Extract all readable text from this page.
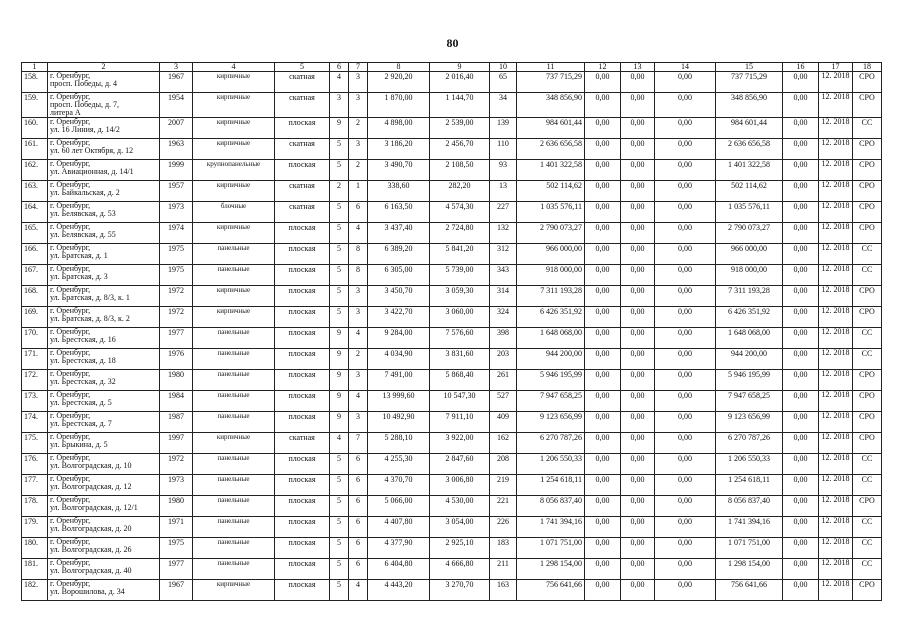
80
1	2	3	4	5	6	7	8	9	10	11	12	13	14	15	16	17	18
158.	г. Оренбург,
просп. Победы, д. 4	1967	кирпичные	скатная	4	3	2 920,20	2 016,40	65	737 715,29	0,00	0,00	0,00	737 715,29	0,00	12. 2018	СРО
159.	г. Оренбург,
просп. Победы, д. 7,
литера А	1954	кирпичные	скатная	3	3	1 870,00	1 144,70	34	348 856,90	0,00	0,00	0,00	348 856,90	0,00	12. 2018	СРО
160.	г. Оренбург,
ул. 16 Линия, д. 14/2	2007	кирпичные	плоская	9	2	4 898,00	2 539,00	139	984 601,44	0,00	0,00	0,00	984 601,44	0,00	12. 2018	СС
161.	г. Оренбург,
ул. 60 лет Октября, д. 12	1963	кирпичные	скатная	5	3	3 186,20	2 456,70	110	2 636 656,58	0,00	0,00	0,00	2 636 656,58	0,00	12. 2018	СРО
162.	г. Оренбург,
ул. Авиационная, д. 14/1	1999	крупнопанельные	плоская	5	2	3 490,70	2 108,50	93	1 401 322,58	0,00	0,00	0,00	1 401 322,58	0,00	12. 2018	СРО
163.	г. Оренбург,
ул. Байкальская, д. 2	1957	кирпичные	скатная	2	1	338,60	282,20	13	502 114,62	0,00	0,00	0,00	502 114,62	0,00	12. 2018	СРО
164.	г. Оренбург,
ул. Белявская, д. 53	1973	блочные	скатная	5	6	6 163,50	4 574,30	227	1 035 576,11	0,00	0,00	0,00	1 035 576,11	0,00	12. 2018	СРО
165.	г. Оренбург,
ул. Белявская, д. 55	1974	кирпичные	плоская	5	4	3 437,40	2 724,80	132	2 790 073,27	0,00	0,00	0,00	2 790 073,27	0,00	12. 2018	СРО
166.	г. Оренбург,
ул. Братская, д. 1	1975	панельные	плоская	5	8	6 389,20	5 841,20	312	966 000,00	0,00	0,00	0,00	966 000,00	0,00	12. 2018	СС
167.	г. Оренбург,
ул. Братская, д. 3	1975	панельные	плоская	5	8	6 305,00	5 739,00	343	918 000,00	0,00	0,00	0,00	918 000,00	0,00	12. 2018	СС
168.	г. Оренбург,
ул. Братская, д. 8/3, к. 1	1972	кирпичные	плоская	5	3	3 450,70	3 059,30	314	7 311 193,28	0,00	0,00	0,00	7 311 193,28	0,00	12. 2018	СРО
169.	г. Оренбург,
ул. Братская, д. 8/3, к. 2	1972	кирпичные	плоская	5	3	3 422,70	3 060,00	324	6 426 351,92	0,00	0,00	0,00	6 426 351,92	0,00	12. 2018	СРО
170.	г. Оренбург,
ул. Брестская, д. 16	1977	панельные	плоская	9	4	9 284,00	7 576,60	398	1 648 068,00	0,00	0,00	0,00	1 648 068,00	0,00	12. 2018	СС
171.	г. Оренбург,
ул. Брестская, д. 18	1976	панельные	плоская	9	2	4 034,90	3 831,60	203	944 200,00	0,00	0,00	0,00	944 200,00	0,00	12. 2018	СС
172.	г. Оренбург,
ул. Брестская, д. 32	1980	панельные	плоская	9	3	7 491,00	5 868,40	261	5 946 195,99	0,00	0,00	0,00	5 946 195,99	0,00	12. 2018	СРО
173.	г. Оренбург,
ул. Брестская, д. 5	1984	панельные	плоская	9	4	13 999,60	10 547,30	527	7 947 658,25	0,00	0,00	0,00	7 947 658,25	0,00	12. 2018	СРО
174.	г. Оренбург,
ул. Брестская, д. 7	1987	панельные	плоская	9	3	10 492,90	7 911,10	409	9 123 656,99	0,00	0,00	0,00	9 123 656,99	0,00	12. 2018	СРО
175.	г. Оренбург,
ул. Брыкина, д. 5	1997	кирпичные	скатная	4	7	5 288,10	3 922,00	162	6 270 787,26	0,00	0,00	0,00	6 270 787,26	0,00	12. 2018	СРО
176.	г. Оренбург,
ул. Волгоградская, д. 10	1972	панельные	плоская	5	6	4 255,30	2 847,60	208	1 206 550,33	0,00	0,00	0,00	1 206 550,33	0,00	12. 2018	СС
177.	г. Оренбург,
ул. Волгоградская, д. 12	1973	панельные	плоская	5	6	4 370,70	3 006,80	219	1 254 618,11	0,00	0,00	0,00	1 254 618,11	0,00	12. 2018	СС
178.	г. Оренбург,
ул. Волгоградская, д. 12/1	1980	панельные	плоская	5	6	5 066,00	4 530,00	221	8 056 837,40	0,00	0,00	0,00	8 056 837,40	0,00	12. 2018	СРО
179.	г. Оренбург,
ул. Волгоградская, д. 20	1971	панельные	плоская	5	6	4 407,80	3 054,00	226	1 741 394,16	0,00	0,00	0,00	1 741 394,16	0,00	12. 2018	СС
180.	г. Оренбург,
ул. Волгоградская, д. 26	1975	панельные	плоская	5	6	4 377,90	2 925,10	183	1 071 751,00	0,00	0,00	0,00	1 071 751,00	0,00	12. 2018	СС
181.	г. Оренбург,
ул. Волгоградская, д. 40	1977	панельные	плоская	5	6	6 404,80	4 666,80	211	1 298 154,00	0,00	0,00	0,00	1 298 154,00	0,00	12. 2018	СС
182.	г. Оренбург,
ул. Ворошилова, д. 34	1967	кирпичные	плоская	5	4	4 443,20	3 270,70	163	756 641,66	0,00	0,00	0,00	756 641,66	0,00	12. 2018	СРО
